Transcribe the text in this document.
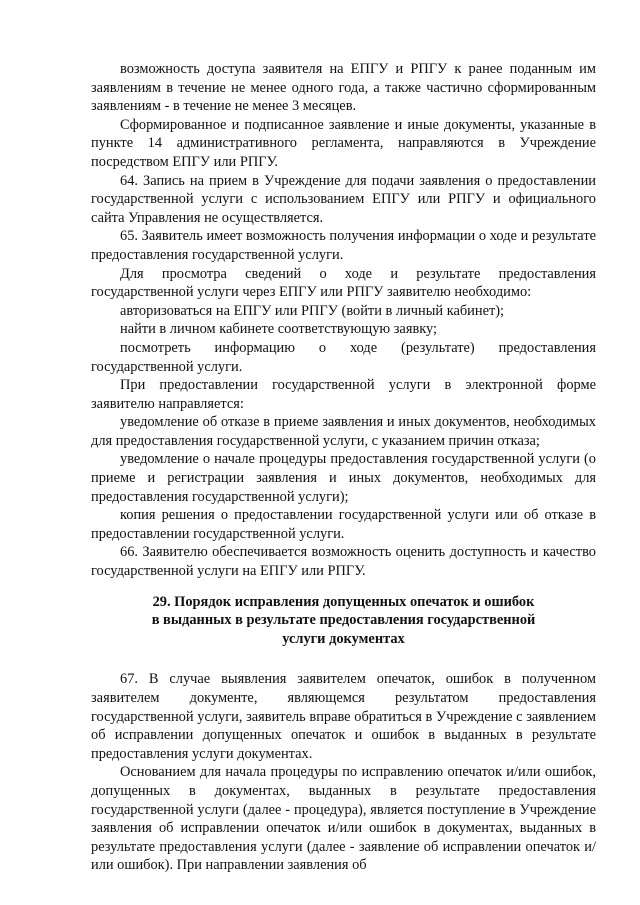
возможность доступа заявителя на ЕПГУ и РПГУ к ранее поданным им заявлениям в течение не менее одного года, а также частично сформированным заявлениям - в течение не менее 3 месяцев.

Сформированное и подписанное заявление и иные документы, указанные в пункте 14 административного регламента, направляются в Учреждение посредством ЕПГУ или РПГУ.

64. Запись на прием в Учреждение для подачи заявления о предоставлении государственной услуги с использованием ЕПГУ или РПГУ и официального сайта Управления не осуществляется.

65. Заявитель имеет возможность получения информации о ходе и результате предоставления государственной услуги.

Для просмотра сведений о ходе и результате предоставления государственной услуги через ЕПГУ или РПГУ заявителю необходимо:

авторизоваться на ЕПГУ или РПГУ (войти в личный кабинет);

найти в личном кабинете соответствующую заявку;

посмотреть информацию о ходе (результате) предоставления государственной услуги.

При предоставлении государственной услуги в электронной форме заявителю направляется:

уведомление об отказе в приеме заявления и иных документов, необходимых для предоставления государственной услуги, с указанием причин отказа;

уведомление о начале процедуры предоставления государственной услуги (о приеме и регистрации заявления и иных документов, необходимых для предоставления государственной услуги);

копия решения о предоставлении государственной услуги или об отказе в предоставлении государственной услуги.

66. Заявителю обеспечивается возможность оценить доступность и качество государственной услуги на ЕПГУ или РПГУ.

29. Порядок исправления допущенных опечаток и ошибок
в выданных в результате предоставления государственной
услуги документах

67. В случае выявления заявителем опечаток, ошибок в полученном заявителем документе, являющемся результатом предоставления государственной услуги, заявитель вправе обратиться в Учреждение с заявлением об исправлении допущенных опечаток и ошибок в выданных в результате предоставления услуги документах.

Основанием для начала процедуры по исправлению опечаток и/или ошибок, допущенных в документах, выданных в результате предоставления государственной услуги (далее - процедура), является поступление в Учреждение заявления об исправлении опечаток и/или ошибок в документах, выданных в результате предоставления услуги (далее - заявление об исправлении опечаток и/или ошибок). При направлении заявления об
